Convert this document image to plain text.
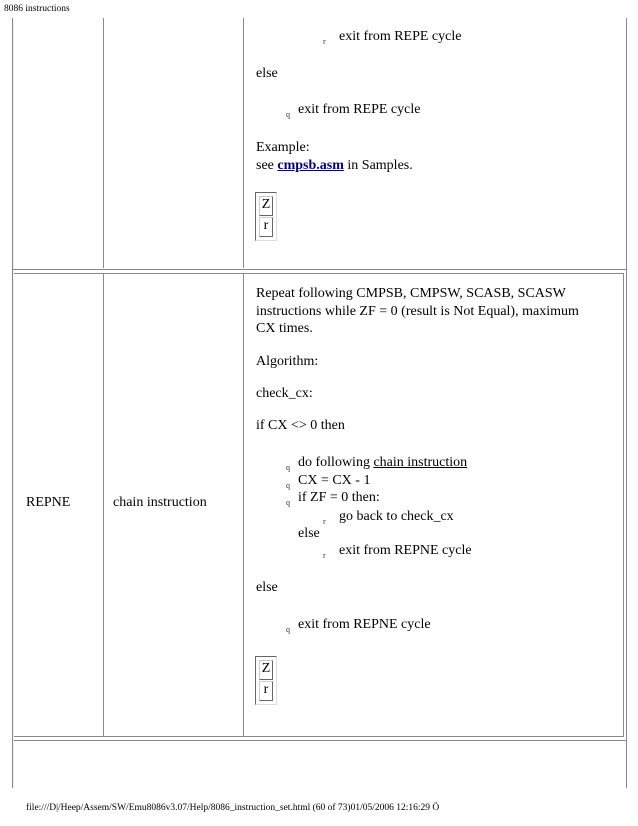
8086 instructions
r exit from REPE cycle
else
q exit from REPE cycle
Example:
see cmpsb.asm in Samples.
Z
r
REPNE	chain instruction
Repeat following CMPSB, CMPSW, SCASB, SCASW
instructions while ZF = 0 (result is Not Equal), maximum
CX times.
Algorithm:
check_cx:
if CX <> 0 then
q do following chain instruction
q CX = CX - 1
q if ZF = 0 then:
r go back to check_cx
else
r exit from REPNE cycle
else
q exit from REPNE cycle
Z
r
file:///D|/Heep/Assem/SW/Emu8086v3.07/Help/8086_instruction_set.html (60 of 73)01/05/2006 12:16:29 Ö
